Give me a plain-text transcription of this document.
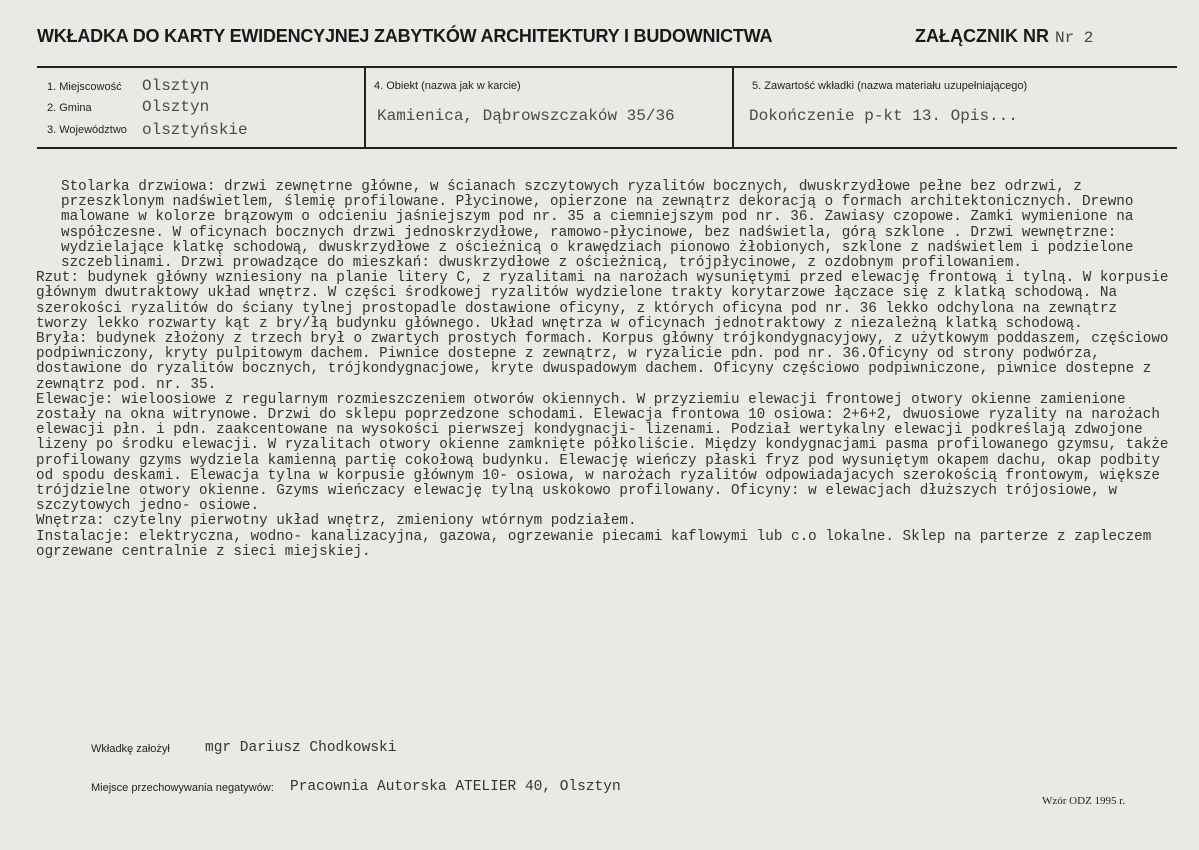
WKŁADKA DO KARTY EWIDENCYJNEJ ZABYTKÓW ARCHITEKTURY I BUDOWNICTWA	ZAŁĄCZNIK NR Nr 2
1. Miejscowość Olsztyn
2. Gmina	Olsztyn
3. Województwo olsztyńskie
4. Obiekt (nazwa jak w karcie)
Kamienica, Dąbrowszczaków 35/36
5. Zawartość wkładki (nazwa materiału uzupełniającego)
Dokończenie p-kt 13. Opis...

Stolarka drzwiowa: drzwi zewnętrne główne, w ścianach szczytowych ryzalitów bocznych, dwuskrzydłowe pełne bez odrzwi, z przeszklonym nadświetlem, ślemię profilowane. Płycinowe, opierzone na zewnątrz dekoracją o formach architektonicznych. Drewno malowane w kolorze brązowym o odcieniu jaśniejszym pod nr. 35 a ciemniejszym pod nr. 36. Zawiasy czopowe. Zamki wymienione na współczesne. W oficynach bocznych drzwi jednoskrzydłowe, ramowo-płycinowe, bez nadświetla, górą szklone . Drzwi wewnętrzne: wydzielające klatkę schodową, dwuskrzydłowe z ościeżnicą o krawędziach pionowo żłobionych, szklone z nadświetlem i podzielone szczeblinami. Drzwi prowadzące do mieszkań: dwuskrzydłowe z ościeżnicą, trójpłycinowe, z ozdobnym profilowaniem.

Rzut: budynek główny wzniesiony na planie litery C, z ryzalitami na narożach wysuniętymi przed elewację frontową i tylną. W korpusie głównym dwutraktowy układ wnętrz. W części środkowej ryzalitów wydzielone trakty korytarzowe łączace się z klatką schodową. Na szerokości ryzalitów do ściany tylnej prostopadle dostawione oficyny, z których oficyna pod nr. 36 lekko odchylona na zewnątrz tworzy lekko rozwarty kąt z bry/łą budynku głównego. Układ wnętrza w oficynach jednotraktowy z niezależną klatką schodową.

Bryła: budynek złożony z trzech brył o zwartych prostych formach. Korpus główny trójkondygnacyjowy, z użytkowym poddaszem, częściowo podpiwniczony, kryty pulpitowym dachem. Piwnice dostepne z zewnątrz, w ryzalicie pdn. pod nr. 36.Oficyny od strony podwórza, dostawione do ryzalitów bocznych, trójkondygnacjowe, kryte dwuspadowym dachem. Oficyny częściowo podpiwniczone, piwnice dostepne z zewnątrz pod. nr. 35.

Elewacje: wieloosiowe z regularnym rozmieszczeniem otworów okiennych. W przyziemiu elewacji frontowej otwory okienne zamienione zostały na okna witrynowe. Drzwi do sklepu poprzedzone schodami. Elewacja frontowa 10 osiowa: 2+6+2, dwuosiowe ryzality na narożach elewacji płn. i pdn. zaakcentowane na wysokości pierwszej kondygnacji- lizenami. Podział wertykalny elewacji podkreślają zdwojone lizeny po środku elewacji. W ryzalitach otwory okienne zamknięte półkoliście. Między kondygnacjami pasma profilowanego gzymsu, także profilowany gzyms wydziela kamienną partię cokołową budynku. Elewację wieńczy płaski fryz pod wysuniętym okapem dachu, okap podbity od spodu deskami. Elewacja tylna w korpusie głównym 10- osiowa, w narożach ryzalitów odpowiadajacych szerokością frontowym, większe trójdzielne otwory okienne. Gzyms wieńczacy elewację tylną uskokowo profilowany. Oficyny: w elewacjach dłuższych trójosiowe, w szczytowych jedno- osiowe.

Wnętrza: czytelny pierwotny układ wnętrz, zmieniony wtórnym podziałem.

Instalacje: elektryczna, wodno- kanalizacyjna, gazowa, ogrzewanie piecami kaflowymi lub c.o lokalne. Sklep na parterze z zapleczem ogrzewane centralnie z sieci miejskiej.

Wkładkę założył mgr Dariusz Chodkowski
Miejsce przechowywania negatywów: Pracownia Autorska ATELIER 40, Olsztyn
Wzór ODZ 1995 r.
